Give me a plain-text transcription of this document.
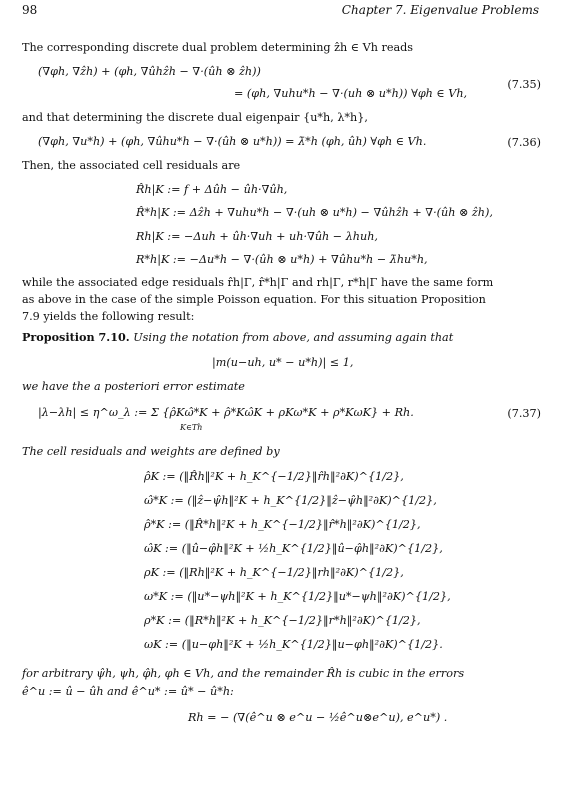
98	Chapter 7. Eigenvalue Problems
The corresponding discrete dual problem determining ẑh ∈ Vh reads
(∇φh, ∇ẑh) + (φh, ∇ûhẑh − ∇·(ûh ⊗ ẑh))
= (φh, ∇uhu*h − ∇·(uh ⊗ u*h)) ∀φh ∈ Vh,
(7.35)
and that determining the discrete dual eigenpair {u*h, λ*h},
(∇φh, ∇u*h) + (φh, ∇ûhu*h − ∇·(ûh ⊗ u*h)) = λ̄*h (φh, ûh) ∀φh ∈ Vh.	(7.36)
Then, the associated cell residuals are
R̂h|K := f + Δûh − ûh·∇ûh,
R̂*h|K := Δẑh + ∇uhu*h − ∇·(uh ⊗ u*h) − ∇ûhẑh + ∇·(ûh ⊗ ẑh),
Rh|K := −Δuh + ûh·∇uh + uh·∇ûh − λhuh,
R*h|K := −Δu*h − ∇·(ûh ⊗ u*h) + ∇ûhu*h − λ̄hu*h,
while the associated edge residuals r̂h|Γ, r̂*h|Γ and rh|Γ, r*h|Γ have the same form
as above in the case of the simple Poisson equation. For this situation Proposition
7.9 yields the following result:
Proposition 7.10. Using the notation from above, and assuming again that
|m(u−uh, u* − u*h)| ≤ 1,
we have the a posteriori error estimate
|λ−λh| ≤ η^ω_λ := Σ {ρ̂Kω̂*K + ρ̂*Kω̂K + ρKω*K + ρ*KωK} + Rh.
K∈Th
(7.37)
The cell residuals and weights are defined by
ρ̂K := (‖R̂h‖²K + h_K^{−1/2}‖r̂h‖²∂K)^{1/2},
ω̂*K := (‖ẑ−ψ̂h‖²K + h_K^{1/2}‖ẑ−ψ̂h‖²∂K)^{1/2},
ρ̂*K := (‖R̂*h‖²K + h_K^{−1/2}‖r̂*h‖²∂K)^{1/2},
ω̂K := (‖û−φ̂h‖²K + ½h_K^{1/2}‖û−φ̂h‖²∂K)^{1/2},
ρK := (‖Rh‖²K + h_K^{−1/2}‖rh‖²∂K)^{1/2},
ω*K := (‖u*−ψh‖²K + h_K^{1/2}‖u*−ψh‖²∂K)^{1/2},
ρ*K := (‖R*h‖²K + h_K^{−1/2}‖r*h‖²∂K)^{1/2},
ωK := (‖u−φh‖²K + ½h_K^{1/2}‖u−φh‖²∂K)^{1/2}.
for arbitrary ψ̂h, ψh, φ̂h, φh ∈ Vh, and the remainder R̂h is cubic in the errors
ê^u := û − ûh and ê^u* := û* − û*h:
Rh = − (∇(ê^u ⊗ e^u − ½ê^u⊗e^u), e^u*) .
